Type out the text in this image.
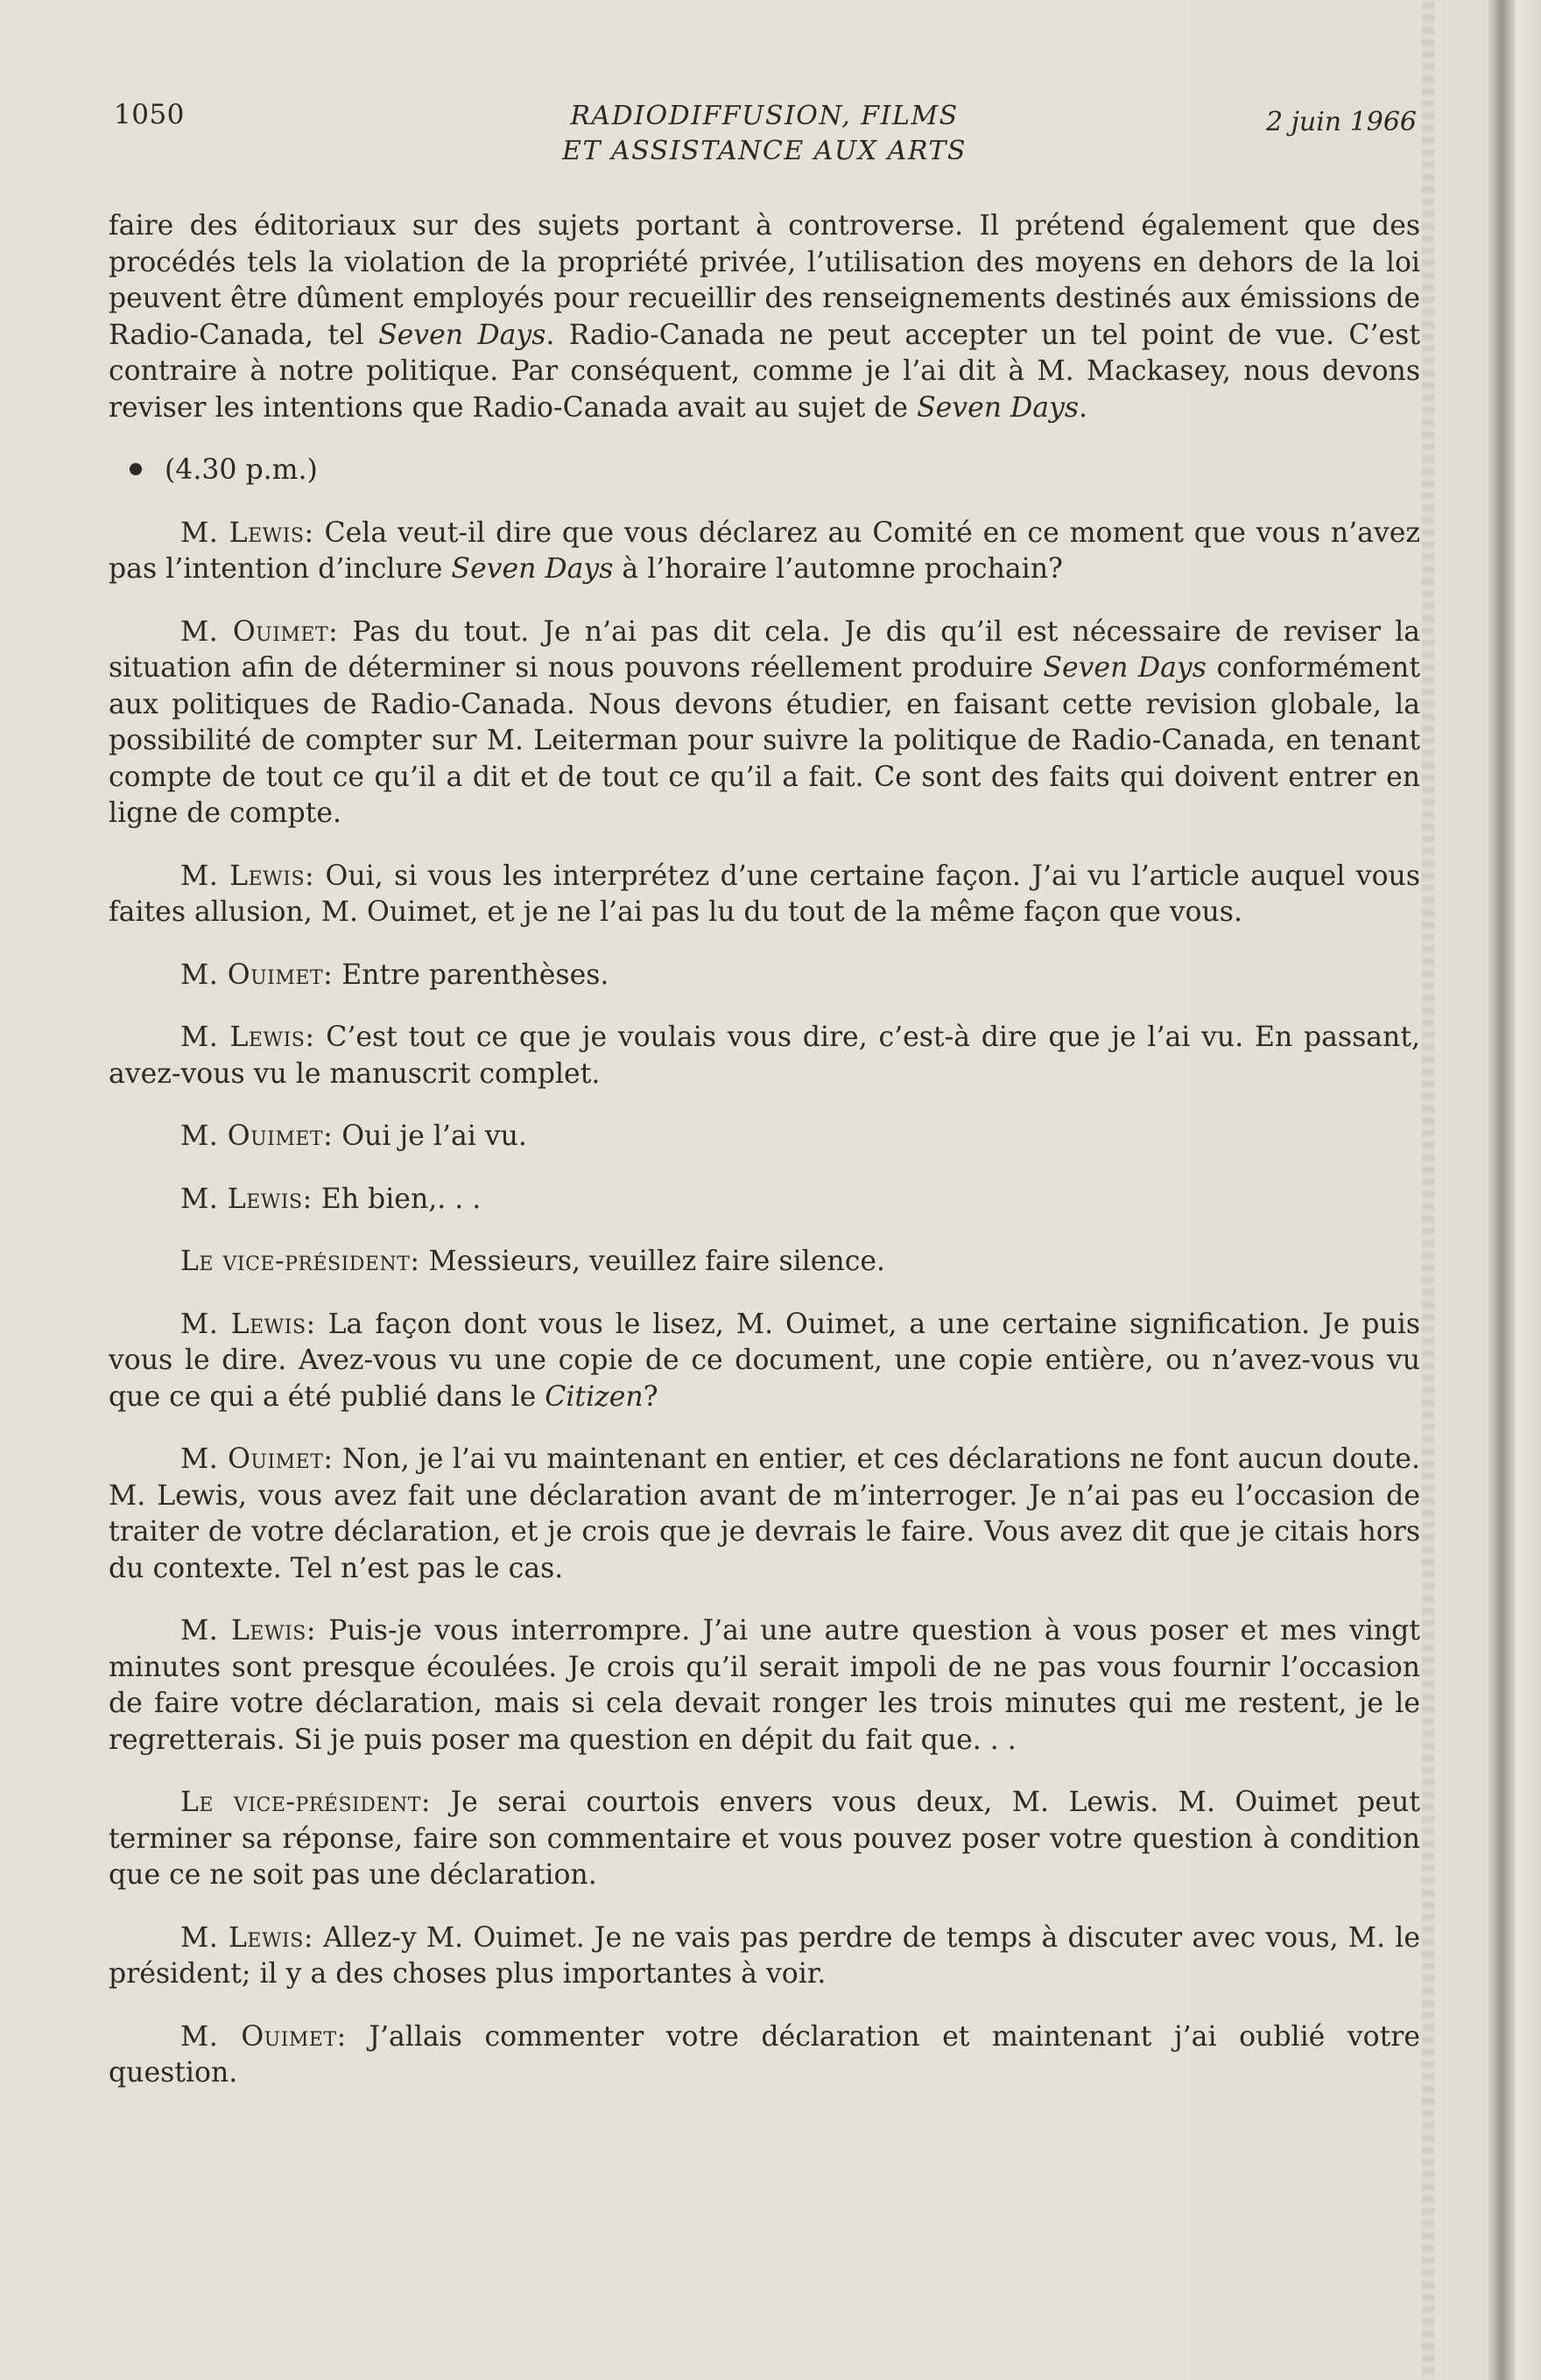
1050	RADIODIFFUSION, FILMS
ET ASSISTANCE AUX ARTS
2 juin 1966

faire des éditoriaux sur des sujets portant à controverse. Il prétend également que des procédés tels la violation de la propriété privée, l’utilisation des moyens en dehors de la loi peuvent être dûment employés pour recueillir des renseignements destinés aux émissions de Radio-Canada, tel Seven Days. Radio-Canada ne peut accepter un tel point de vue. C’est contraire à notre politique. Par conséquent, comme je l’ai dit à M. Mackasey, nous devons reviser les intentions que Radio-Canada avait au sujet de Seven Days.

(4.30 p.m.)

M. Lewis: Cela veut-il dire que vous déclarez au Comité en ce moment que vous n’avez pas l’intention d’inclure Seven Days à l’horaire l’automne prochain?

M. Ouimet: Pas du tout. Je n’ai pas dit cela. Je dis qu’il est nécessaire de reviser la situation afin de déterminer si nous pouvons réellement produire Seven Days conformément aux politiques de Radio-Canada. Nous devons étudier, en faisant cette revision globale, la possibilité de compter sur M. Leiterman pour suivre la politique de Radio-Canada, en tenant compte de tout ce qu’il a dit et de tout ce qu’il a fait. Ce sont des faits qui doivent entrer en ligne de compte.

M. Lewis: Oui, si vous les interprétez d’une certaine façon. J’ai vu l’article auquel vous faites allusion, M. Ouimet, et je ne l’ai pas lu du tout de la même façon que vous.

M. Ouimet: Entre parenthèses.

M. Lewis: C’est tout ce que je voulais vous dire, c’est-à dire que je l’ai vu. En passant, avez-vous vu le manuscrit complet.

M. Ouimet: Oui je l’ai vu.

M. Lewis: Eh bien,. . .

Le vice-président: Messieurs, veuillez faire silence.

M. Lewis: La façon dont vous le lisez, M. Ouimet, a une certaine signification. Je puis vous le dire. Avez-vous vu une copie de ce document, une copie entière, ou n’avez-vous vu que ce qui a été publié dans le Citizen?

M. Ouimet: Non, je l’ai vu maintenant en entier, et ces déclarations ne font aucun doute. M. Lewis, vous avez fait une déclaration avant de m’interroger. Je n’ai pas eu l’occasion de traiter de votre déclaration, et je crois que je devrais le faire. Vous avez dit que je citais hors du contexte. Tel n’est pas le cas.

M. Lewis: Puis-je vous interrompre. J’ai une autre question à vous poser et mes vingt minutes sont presque écoulées. Je crois qu’il serait impoli de ne pas vous fournir l’occasion de faire votre déclaration, mais si cela devait ronger les trois minutes qui me restent, je le regretterais. Si je puis poser ma question en dépit du fait que. . .

Le vice-président: Je serai courtois envers vous deux, M. Lewis. M. Ouimet peut terminer sa réponse, faire son commentaire et vous pouvez poser votre question à condition que ce ne soit pas une déclaration.

M. Lewis: Allez-y M. Ouimet. Je ne vais pas perdre de temps à discuter avec vous, M. le président; il y a des choses plus importantes à voir.

M. Ouimet: J’allais commenter votre déclaration et maintenant j’ai oublié votre question.
